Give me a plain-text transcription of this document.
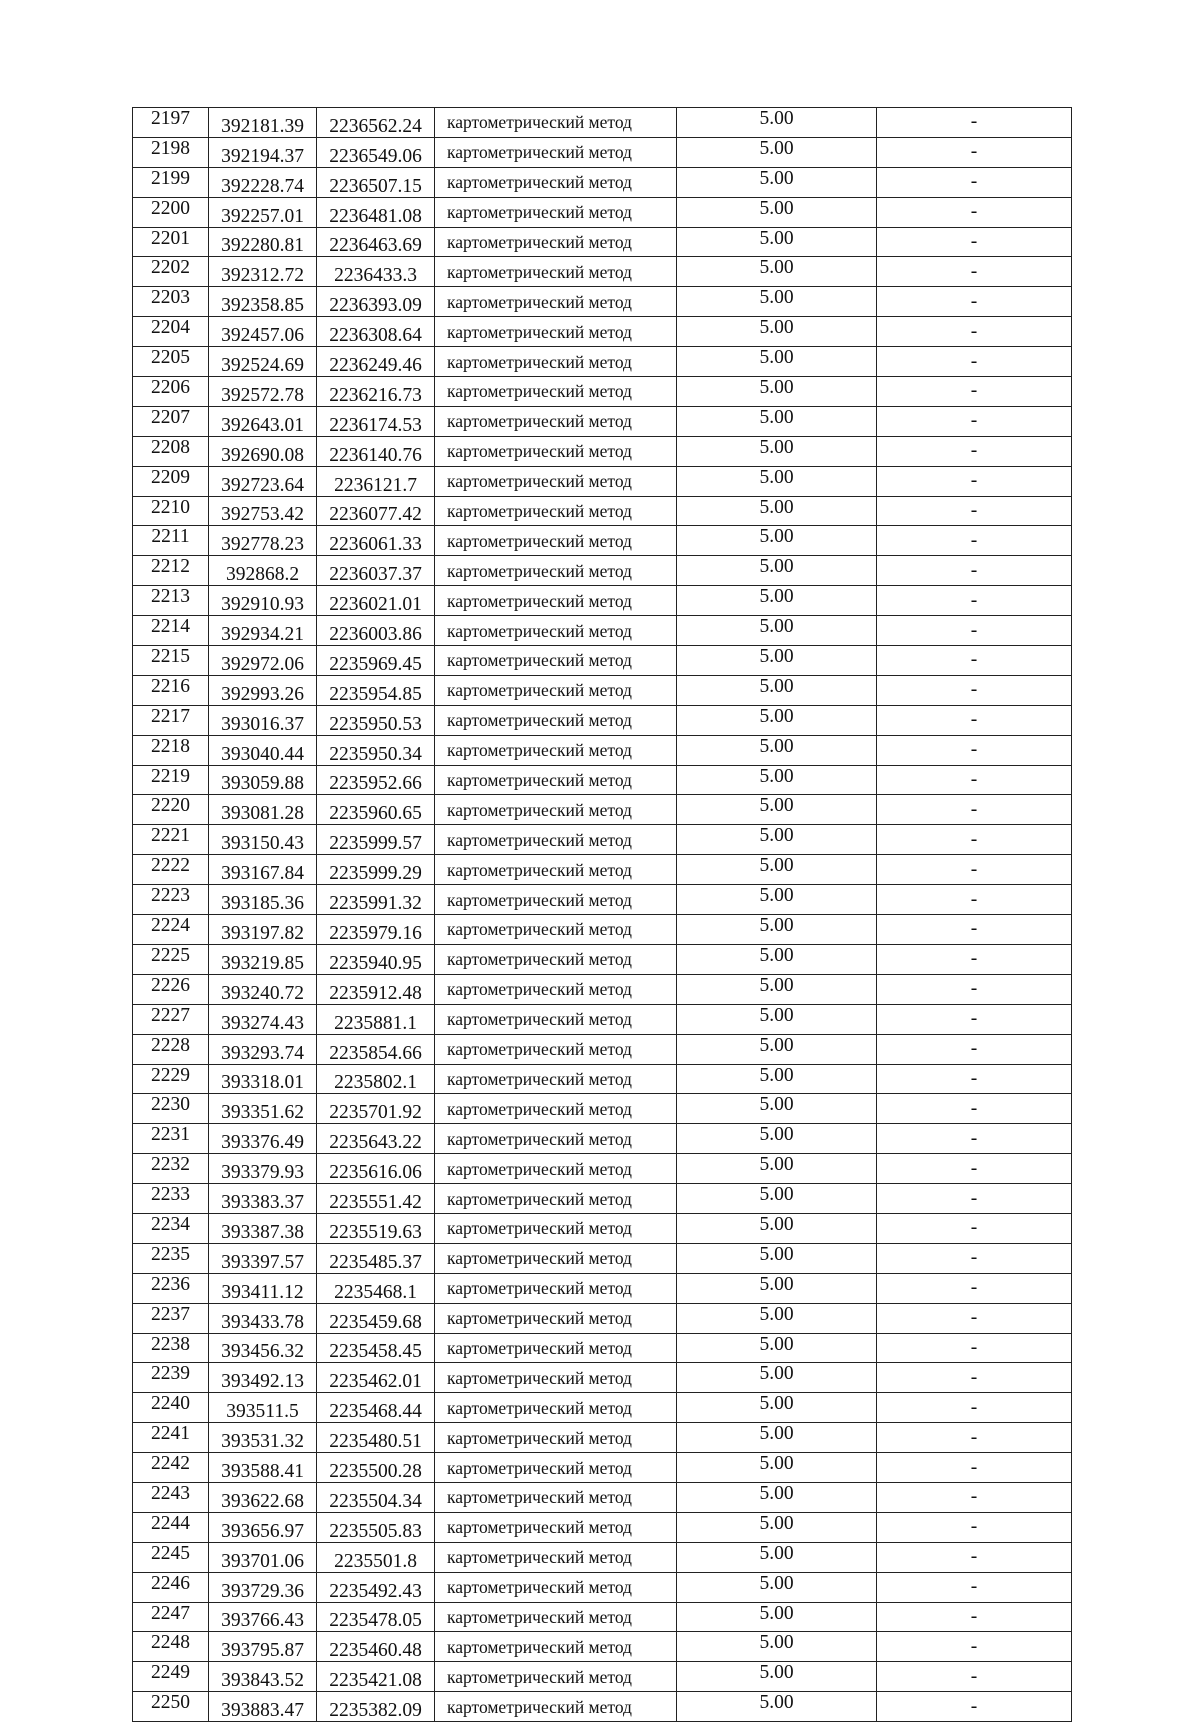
2197	392181.39	2236562.24	картометрический метод	5.00	-
2198	392194.37	2236549.06	картометрический метод	5.00	-
2199	392228.74	2236507.15	картометрический метод	5.00	-
2200	392257.01	2236481.08	картометрический метод	5.00	-
2201	392280.81	2236463.69	картометрический метод	5.00	-
2202	392312.72	2236433.3	картометрический метод	5.00	-
2203	392358.85	2236393.09	картометрический метод	5.00	-
2204	392457.06	2236308.64	картометрический метод	5.00	-
2205	392524.69	2236249.46	картометрический метод	5.00	-
2206	392572.78	2236216.73	картометрический метод	5.00	-
2207	392643.01	2236174.53	картометрический метод	5.00	-
2208	392690.08	2236140.76	картометрический метод	5.00	-
2209	392723.64	2236121.7	картометрический метод	5.00	-
2210	392753.42	2236077.42	картометрический метод	5.00	-
2211	392778.23	2236061.33	картометрический метод	5.00	-
2212	392868.2	2236037.37	картометрический метод	5.00	-
2213	392910.93	2236021.01	картометрический метод	5.00	-
2214	392934.21	2236003.86	картометрический метод	5.00	-
2215	392972.06	2235969.45	картометрический метод	5.00	-
2216	392993.26	2235954.85	картометрический метод	5.00	-
2217	393016.37	2235950.53	картометрический метод	5.00	-
2218	393040.44	2235950.34	картометрический метод	5.00	-
2219	393059.88	2235952.66	картометрический метод	5.00	-
2220	393081.28	2235960.65	картометрический метод	5.00	-
2221	393150.43	2235999.57	картометрический метод	5.00	-
2222	393167.84	2235999.29	картометрический метод	5.00	-
2223	393185.36	2235991.32	картометрический метод	5.00	-
2224	393197.82	2235979.16	картометрический метод	5.00	-
2225	393219.85	2235940.95	картометрический метод	5.00	-
2226	393240.72	2235912.48	картометрический метод	5.00	-
2227	393274.43	2235881.1	картометрический метод	5.00	-
2228	393293.74	2235854.66	картометрический метод	5.00	-
2229	393318.01	2235802.1	картометрический метод	5.00	-
2230	393351.62	2235701.92	картометрический метод	5.00	-
2231	393376.49	2235643.22	картометрический метод	5.00	-
2232	393379.93	2235616.06	картометрический метод	5.00	-
2233	393383.37	2235551.42	картометрический метод	5.00	-
2234	393387.38	2235519.63	картометрический метод	5.00	-
2235	393397.57	2235485.37	картометрический метод	5.00	-
2236	393411.12	2235468.1	картометрический метод	5.00	-
2237	393433.78	2235459.68	картометрический метод	5.00	-
2238	393456.32	2235458.45	картометрический метод	5.00	-
2239	393492.13	2235462.01	картометрический метод	5.00	-
2240	393511.5	2235468.44	картометрический метод	5.00	-
2241	393531.32	2235480.51	картометрический метод	5.00	-
2242	393588.41	2235500.28	картометрический метод	5.00	-
2243	393622.68	2235504.34	картометрический метод	5.00	-
2244	393656.97	2235505.83	картометрический метод	5.00	-
2245	393701.06	2235501.8	картометрический метод	5.00	-
2246	393729.36	2235492.43	картометрический метод	5.00	-
2247	393766.43	2235478.05	картометрический метод	5.00	-
2248	393795.87	2235460.48	картометрический метод	5.00	-
2249	393843.52	2235421.08	картометрический метод	5.00	-
2250	393883.47	2235382.09	картометрический метод	5.00	-
